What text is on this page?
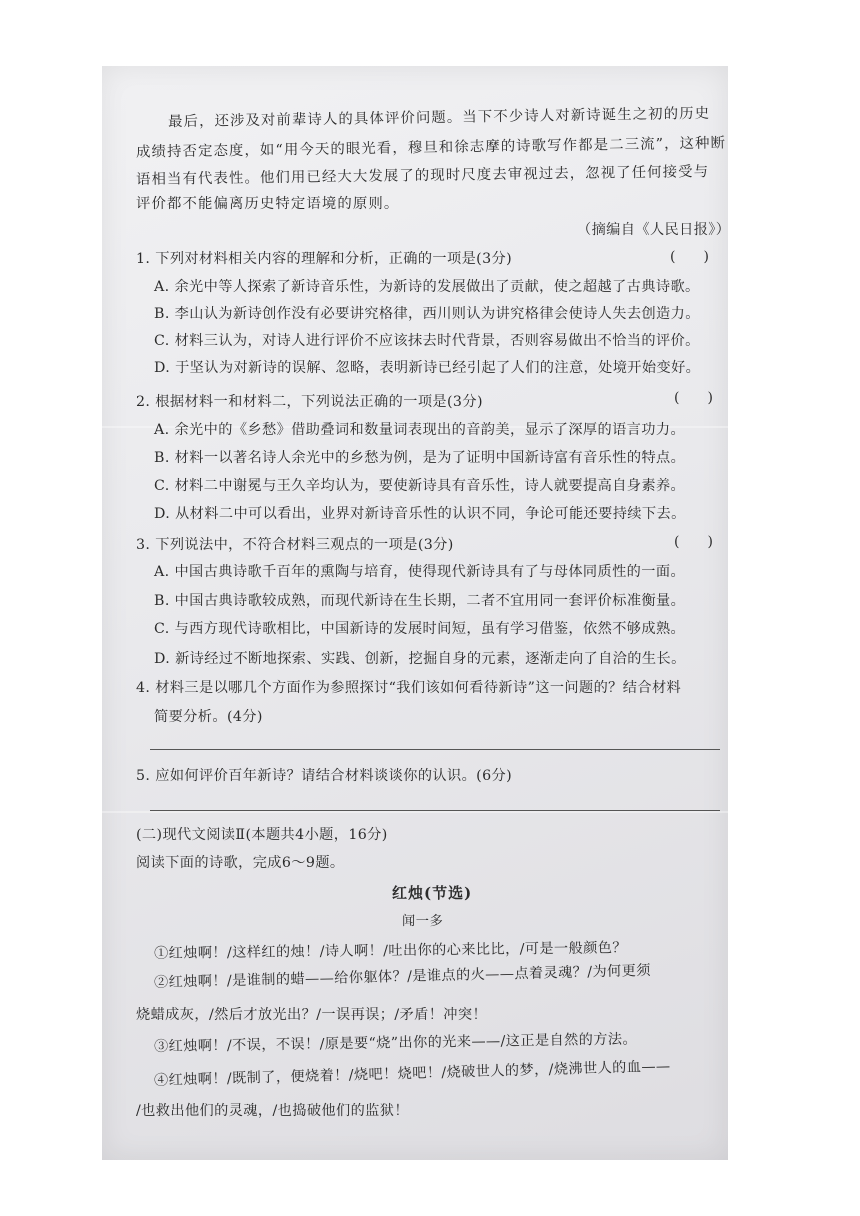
最后，还涉及对前辈诗人的具体评价问题。当下不少诗人对新诗诞生之初的历史
成绩持否定态度，如“用今天的眼光看，穆旦和徐志摩的诗歌写作都是二三流”，这种断
语相当有代表性。他们用已经大大发展了的现时尺度去审视过去，忽视了任何接受与
评价都不能偏离历史特定语境的原则。
（摘编自《人民日报》）
1. 下列对材料相关内容的理解和分析，正确的一项是(3分)	(　　)
A. 余光中等人探索了新诗音乐性，为新诗的发展做出了贡献，使之超越了古典诗歌。
B. 李山认为新诗创作没有必要讲究格律，西川则认为讲究格律会使诗人失去创造力。
C. 材料三认为，对诗人进行评价不应该抹去时代背景，否则容易做出不恰当的评价。
D. 于坚认为对新诗的误解、忽略，表明新诗已经引起了人们的注意，处境开始变好。
2. 根据材料一和材料二，下列说法正确的一项是(3分)	(　　)
A. 余光中的《乡愁》借助叠词和数量词表现出的音韵美，显示了深厚的语言功力。
B. 材料一以著名诗人余光中的乡愁为例，是为了证明中国新诗富有音乐性的特点。
C. 材料二中谢冕与王久辛均认为，要使新诗具有音乐性，诗人就要提高自身素养。
D. 从材料二中可以看出，业界对新诗音乐性的认识不同，争论可能还要持续下去。
3. 下列说法中，不符合材料三观点的一项是(3分)	(　　)
A. 中国古典诗歌千百年的熏陶与培育，使得现代新诗具有了与母体同质性的一面。
B. 中国古典诗歌较成熟，而现代新诗在生长期，二者不宜用同一套评价标准衡量。
C. 与西方现代诗歌相比，中国新诗的发展时间短，虽有学习借鉴，依然不够成熟。
D. 新诗经过不断地探索、实践、创新，挖掘自身的元素，逐渐走向了自洽的生长。
4. 材料三是以哪几个方面作为参照探讨“我们该如何看待新诗”这一问题的？结合材料
简要分析。(4分)
5. 应如何评价百年新诗？请结合材料谈谈你的认识。(6分)
(二)现代文阅读Ⅱ(本题共4小题，16分)
阅读下面的诗歌，完成6～9题。
红烛(节选)
闻一多
①红烛啊！/这样红的烛！/诗人啊！/吐出你的心来比比，/可是一般颜色？
②红烛啊！/是谁制的蜡——给你躯体？/是谁点的火——点着灵魂？/为何更须
烧蜡成灰，/然后才放光出？/一误再误；/矛盾！冲突！
③红烛啊！/不误，不误！/原是要“烧”出你的光来——/这正是自然的方法。
④红烛啊！/既制了，便烧着！/烧吧！烧吧！/烧破世人的梦，/烧沸世人的血——
/也救出他们的灵魂，/也捣破他们的监狱！
